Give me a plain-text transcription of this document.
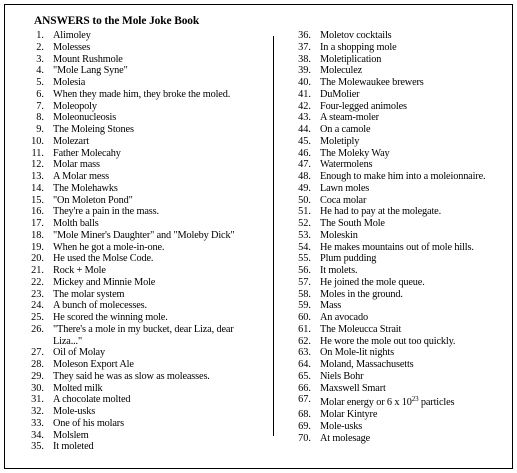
ANSWERS to the Mole Joke Book
1. Alimoley
2. Molesses
3. Mount Rushmole
4. "Mole Lang Syne"
5. Molesia
6. When they made him, they broke the moled.
7. Moleopoly
8. Moleonucleosis
9. The Moleing Stones
10. Molezart
11. Father Molecahy
12. Molar mass
13. A Molar mess
14. The Molehawks
15. "On Moleton Pond"
16. They're a pain in the mass.
17. Molth balls
18. "Mole Miner's Daughter" and "Moleby Dick"
19. When he got a mole-in-one.
20. He used the Molse Code.
21. Rock + Mole
22. Mickey and Minnie Mole
23. The molar system
24. A bunch of molecesses.
25. He scored the winning mole.
26. "There's a mole in my bucket, dear Liza, dear Liza..."
27. Oil of Molay
28. Moleson Export Ale
29. They said he was as slow as moleasses.
30. Molted milk
31. A chocolate molted
32. Mole-usks
33. One of his molars
34. Molslem
35. It moleted
36. Moletov cocktails
37. In a shopping mole
38. Moletiplication
39. Moleculez
40. The Molewaukee brewers
41. DuMolier
42. Four-legged animoles
43. A steam-moler
44. On a camole
45. Moletiply
46. The Moleky Way
47. Watermolens
48. Enough to make him into a moleionnaire.
49. Lawn moles
50. Coca molar
51. He had to pay at the molegate.
52. The South Mole
53. Moleskin
54. He makes mountains out of mole hills.
55. Plum pudding
56. It molets.
57. He joined the mole queue.
58. Moles in the ground.
59. Mass
60. An avocado
61. The Moleucca Strait
62. He wore the mole out too quickly.
63. On Mole-lit nights
64. Moland, Massachusetts
65. Niels Bohr
66. Maxswell Smart
67. Molar energy or 6 x $10^{23}$ particles
68. Molar Kintyre
69. Mole-usks
70. At molesage
